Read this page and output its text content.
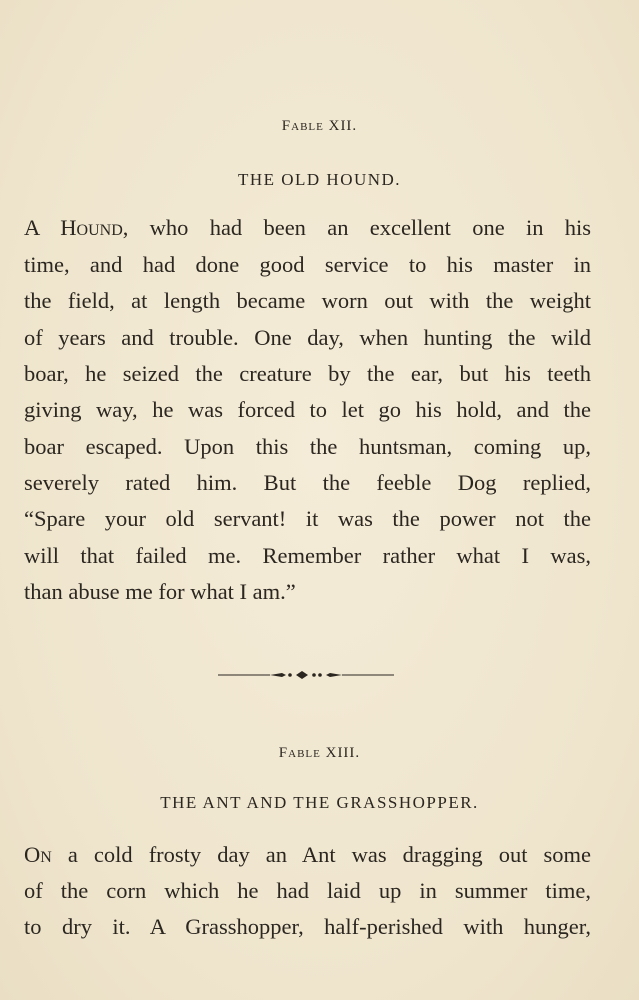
Fable XII.
THE OLD HOUND.
A Hound, who had been an excellent one in his
time, and had done good service to his master in
the field, at length became worn out with the weight
of years and trouble. One day, when hunting the wild
boar, he seized the creature by the ear, but his teeth
giving way, he was forced to let go his hold, and the
boar escaped. Upon this the huntsman, coming up,
severely rated him. But the feeble Dog replied,
“Spare your old servant! it was the power not the
will that failed me. Remember rather what I was,
than abuse me for what I am.”
Fable XIII.
THE ANT AND THE GRASSHOPPER.
On a cold frosty day an Ant was dragging out some
of the corn which he had laid up in summer time,
to dry it. A Grasshopper, half-perished with hunger,
